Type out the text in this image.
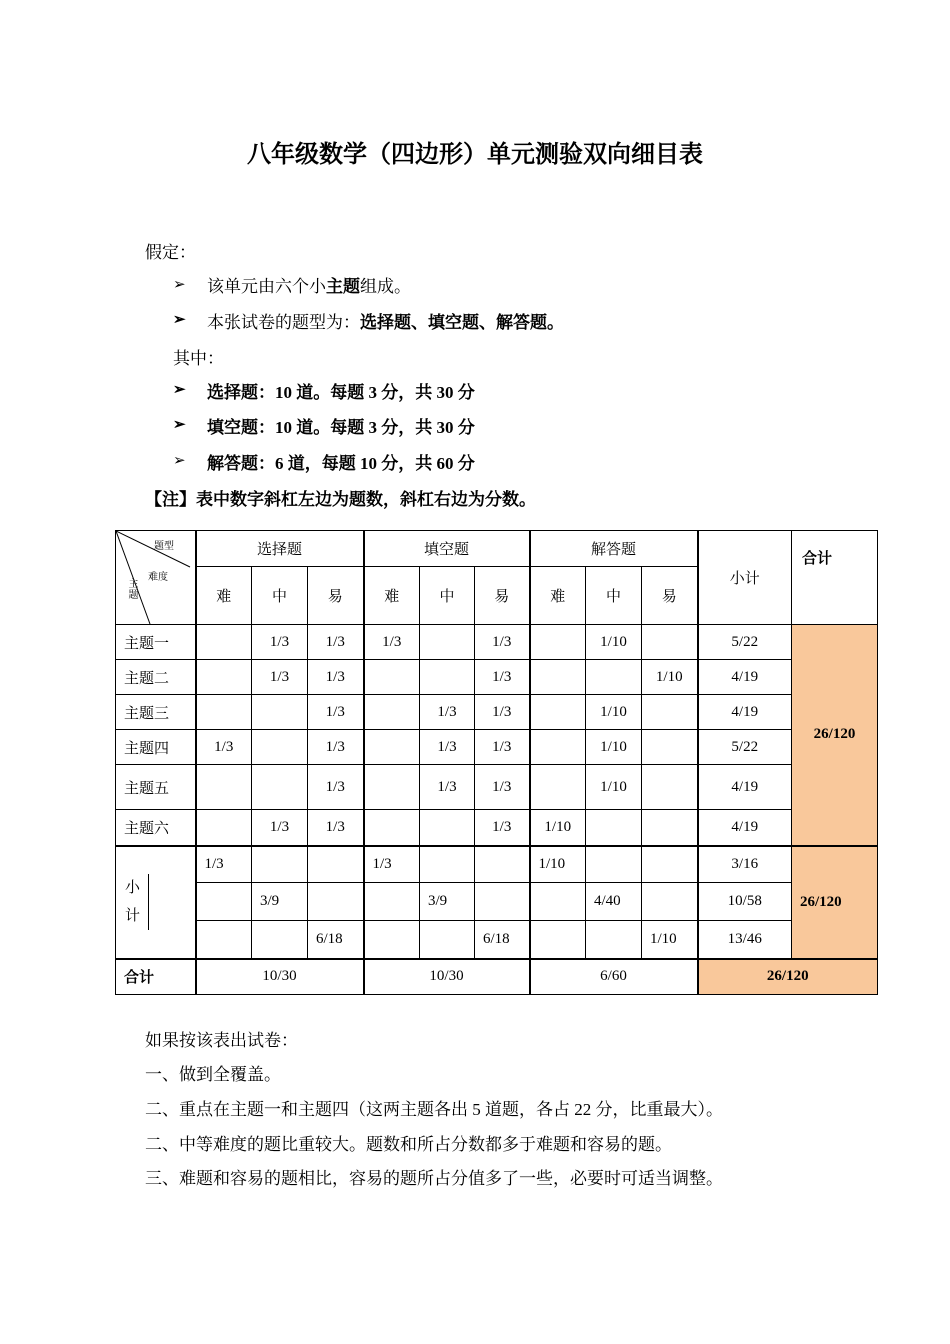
八年级数学（四边形）单元测验双向细目表
假定：
➢ 该单元由六个小主题组成。
➢ 本张试卷的题型为：选择题、填空题、解答题。
其中：
➢ 选择题：10 道。每题 3 分，共 30 分
➢ 填空题：10 道。每题 3 分，共 30 分
➢ 解答题：6 道，每题 10 分，共 60 分
【注】表中数字斜杠左边为题数，斜杠右边为分数。
题型
难度
主题	选择题			填空题			解答题			小计	合计
	难	中	易	难	中	易	难	中	易		
主题一		1/3	1/3	1/3		1/3		1/10		5/22	26/120
主题二		1/3	1/3			1/3			1/10	4/19	
主题三			1/3		1/3	1/3		1/10		4/19	
主题四	1/3		1/3		1/3	1/3		1/10		5/22	
主题五			1/3		1/3	1/3		1/10		4/19	
主题六		1/3	1/3			1/3	1/10			4/19	

小
计	1/3			1/3			1/10			3/16	26/120
		3/9			3/9			4/40		10/58	
			6/18			6/18			1/10	13/46	
合计	10/30			10/30			6/60			26/120	
如果按该表出试卷：
一、做到全覆盖。
二、重点在主题一和主题四（这两主题各出 5 道题，各占 22 分，比重最大）。
二、中等难度的题比重较大。题数和所占分数都多于难题和容易的题。
三、难题和容易的题相比，容易的题所占分值多了一些，必要时可适当调整。
